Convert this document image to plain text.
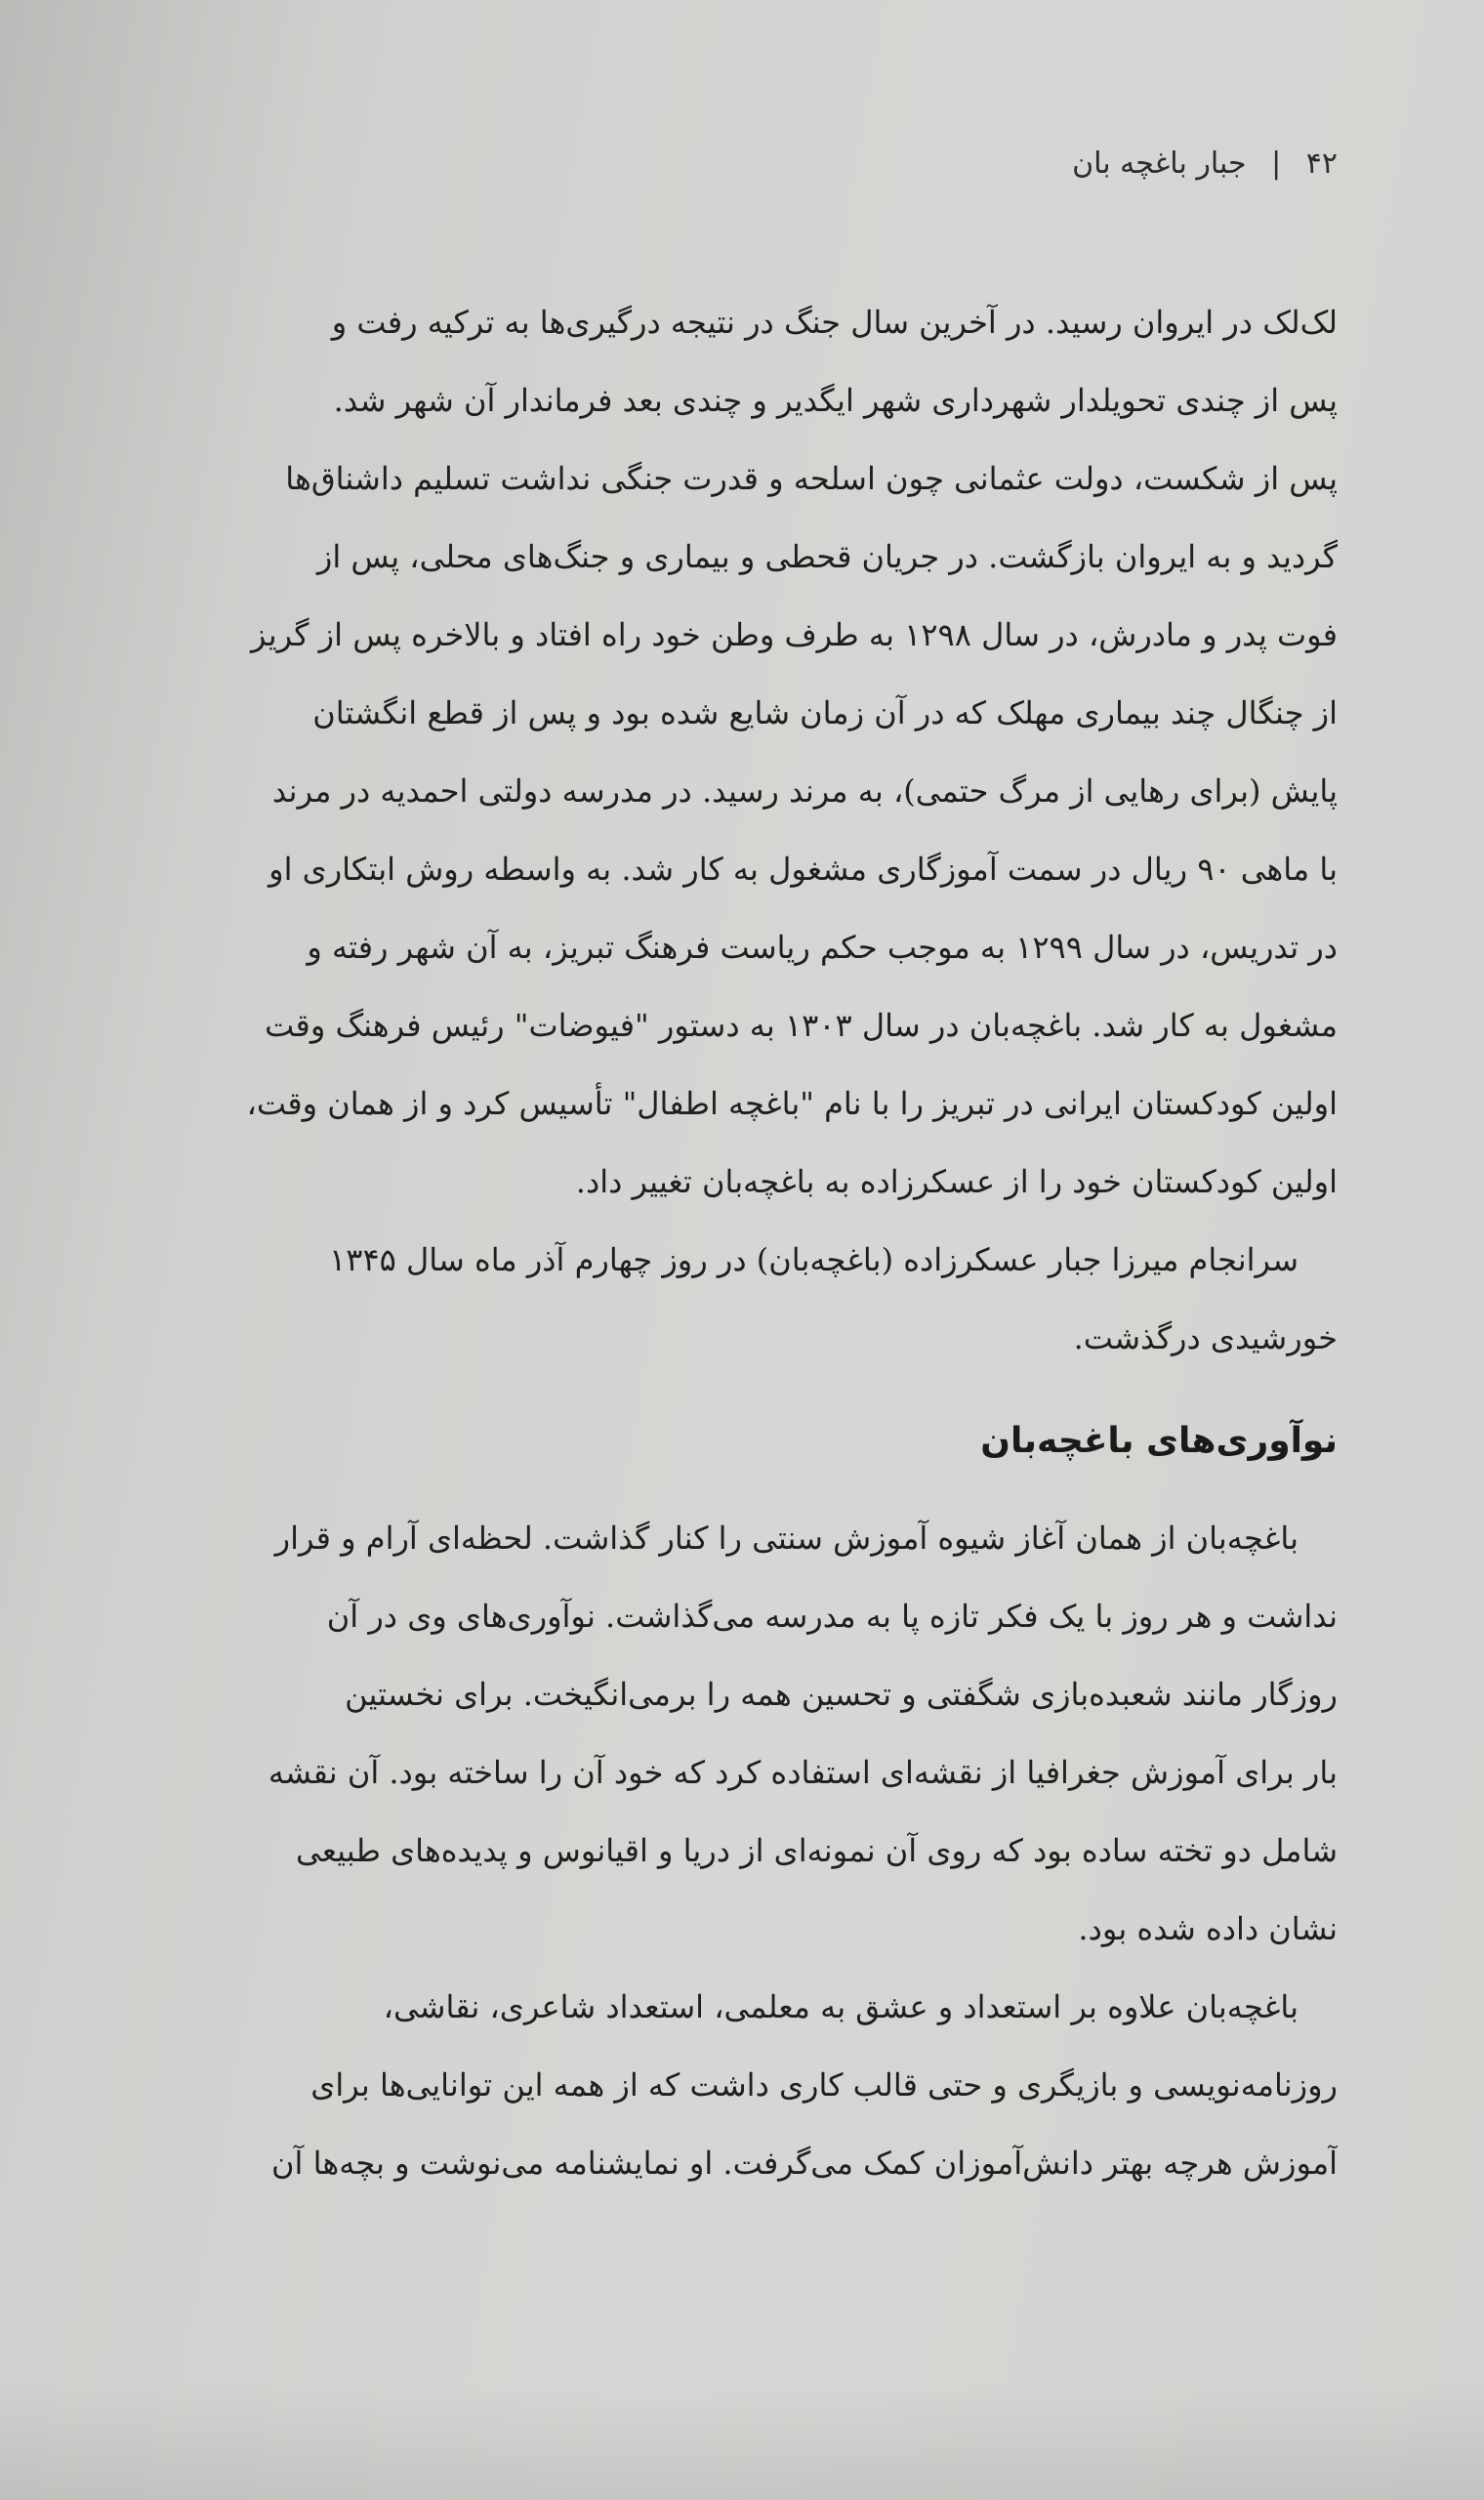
۴۲ | جبار باغچه بان
لک‌لک در ایروان رسید. در آخرین سال جنگ در نتیجه درگیری‌ها به ترکیه رفت و
پس از چندی تحویلدار شهرداری شهر ایگدیر و چندی بعد فرماندار آن شهر شد.
پس از شکست، دولت عثمانی چون اسلحه و قدرت جنگی نداشت تسلیم داشناق‌ها
گردید و به ایروان بازگشت. در جریان قحطی و بیماری و جنگ‌های محلی، پس از
فوت پدر و مادرش، در سال ۱۲۹۸ به طرف وطن خود راه افتاد و بالاخره پس از گریز
از چنگال چند بیماری مهلک که در آن زمان شایع شده بود و پس از قطع انگشتان
پایش (برای رهایی از مرگ حتمی)، به مرند رسید. در مدرسه دولتی احمدیه در مرند
با ماهی ۹۰ ریال در سمت آموزگاری مشغول به کار شد. به واسطه روش ابتکاری او
در تدریس، در سال ۱۲۹۹ به موجب حکم ریاست فرهنگ تبریز، به آن شهر رفته و
مشغول به کار شد. باغچه‌بان در سال ۱۳۰۳ به دستور "فیوضات" رئیس فرهنگ وقت
اولین کودکستان ایرانی در تبریز را با نام "باغچه اطفال" تأسیس کرد و از همان وقت،
اولین کودکستان خود را از عسکرزاده به باغچه‌بان تغییر داد.
سرانجام میرزا جبار عسکرزاده (باغچه‌بان) در روز چهارم آذر ماه سال ۱۳۴۵
خورشیدی درگذشت.
نوآوری‌های باغچه‌بان
باغچه‌بان از همان آغاز شیوه آموزش سنتی را کنار گذاشت. لحظه‌ای آرام و قرار
نداشت و هر روز با یک فکر تازه پا به مدرسه می‌گذاشت. نوآوری‌های وی در آن
روزگار مانند شعبده‌بازی شگفتی و تحسین همه را برمی‌انگیخت. برای نخستین
بار برای آموزش جغرافیا از نقشه‌ای استفاده کرد که خود آن را ساخته بود. آن نقشه
شامل دو تخته ساده بود که روی آن نمونه‌ای از دریا و اقیانوس و پدیده‌های طبیعی
نشان داده شده بود.
باغچه‌بان علاوه بر استعداد و عشق به معلمی، استعداد شاعری، نقاشی،
روزنامه‌نویسی و بازیگری و حتی قالب کاری داشت که از همه این توانایی‌ها برای
آموزش هرچه بهتر دانش‌آموزان کمک می‌گرفت. او نمایشنامه می‌نوشت و بچه‌ها آن
